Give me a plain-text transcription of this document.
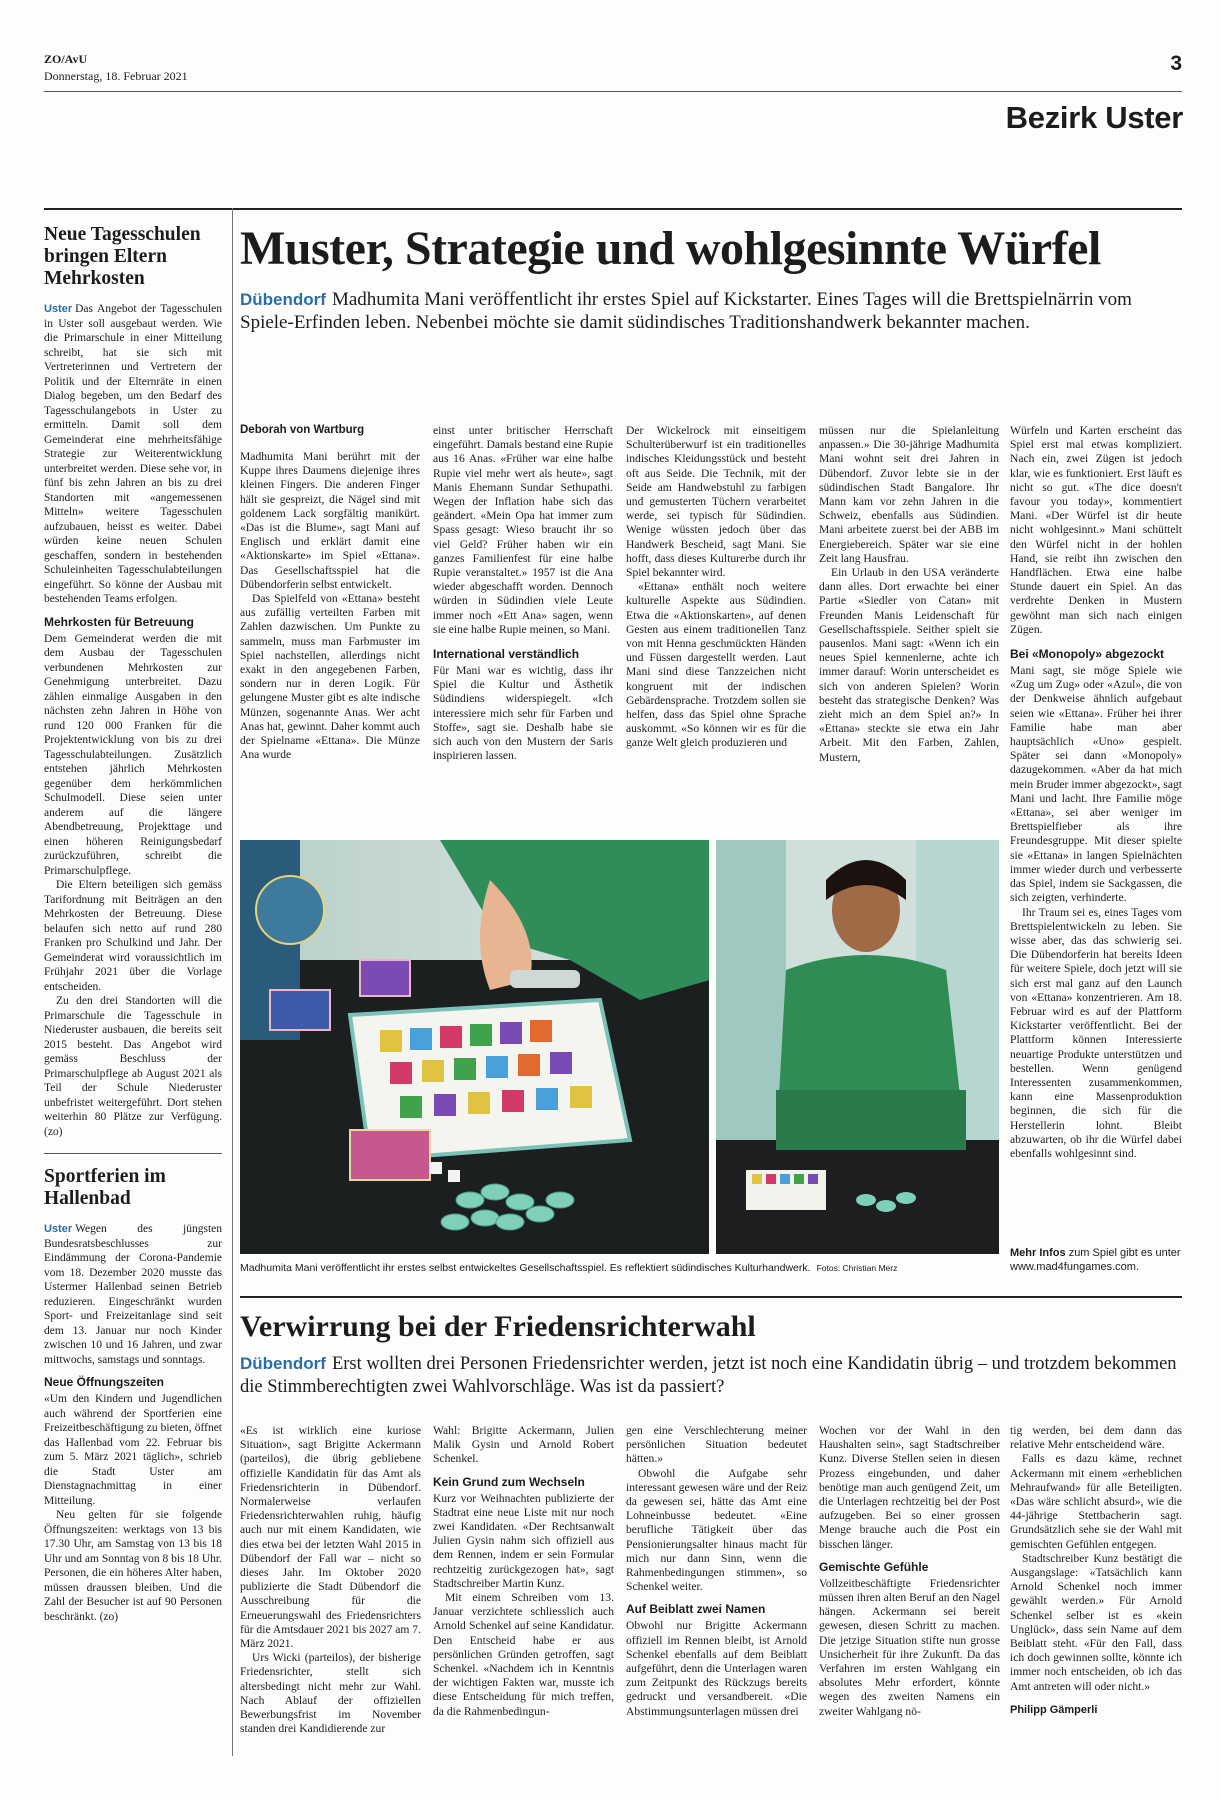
ZO/AvU
Donnerstag, 18. Februar 2021
3
Bezirk Uster
Neue Tagesschulen bringen Eltern Mehrkosten

Uster Das Angebot der Tagesschulen in Uster soll ausgebaut werden. Wie die Primarschule in einer Mitteilung schreibt, hat sie sich mit Vertreterinnen und Vertretern der Politik und der Elternräte in einen Dialog begeben, um den Bedarf des Tagesschulangebots in Uster zu ermitteln. Damit soll dem Gemeinderat eine mehrheitsfähige Strategie zur Weiterentwicklung unterbreitet werden. Diese sehe vor, in fünf bis zehn Jahren an bis zu drei Standorten mit «angemessenen Mitteln» weitere Tagesschulen aufzubauen, heisst es weiter. Dabei würden keine neuen Schulen geschaffen, sondern in bestehenden Schuleinheiten Tagesschulabteilungen eingeführt. So könne der Ausbau mit bestehenden Teams erfolgen.

Mehrkosten für Betreuung

Dem Gemeinderat werden die mit dem Ausbau der Tagesschulen verbundenen Mehrkosten zur Genehmigung unterbreitet. Dazu zählen einmalige Ausgaben in den nächsten zehn Jahren in Höhe von rund 120 000 Franken für die Projektentwicklung von bis zu drei Tagesschulabteilungen. Zusätzlich entstehen jährlich Mehrkosten gegenüber dem herkömmlichen Schulmodell. Diese seien unter anderem auf die längere Abendbetreuung, Projekttage und einen höheren Reinigungsbedarf zurückzuführen, schreibt die Primarschulpflege.

Die Eltern beteiligen sich gemäss Tarifordnung mit Beiträgen an den Mehrkosten der Betreuung. Diese belaufen sich netto auf rund 280 Franken pro Schulkind und Jahr. Der Gemeinderat wird voraussichtlich im Frühjahr 2021 über die Vorlage entscheiden.

Zu den drei Standorten will die Primarschule die Tagesschule in Niederuster ausbauen, die bereits seit 2015 besteht. Das Angebot wird gemäss Beschluss der Primarschulpflege ab August 2021 als Teil der Schule Niederuster unbefristet weitergeführt. Dort stehen weiterhin 80 Plätze zur Verfügung. (zo)

Sportferien im Hallenbad

Uster Wegen des jüngsten Bundesratsbeschlusses zur Eindämmung der Corona-Pandemie vom 18. Dezember 2020 musste das Ustermer Hallenbad seinen Betrieb reduzieren. Eingeschränkt wurden Sport- und Freizeitanlage sind seit dem 13. Januar nur noch Kinder zwischen 10 und 16 Jahren, und zwar mittwochs, samstags und sonntags.

Neue Öffnungszeiten

«Um den Kindern und Jugendlichen auch während der Sportferien eine Freizeitbeschäftigung zu bieten, öffnet das Hallenbad vom 22. Februar bis zum 5. März 2021 täglich», schrieb die Stadt Uster am Dienstagnachmittag in einer Mitteilung.

Neu gelten für sie folgende Öffnungszeiten: werktags von 13 bis 17.30 Uhr, am Samstag von 13 bis 18 Uhr und am Sonntag von 8 bis 18 Uhr. Personen, die ein höheres Alter haben, müssen draussen bleiben. Und die Zahl der Besucher ist auf 90 Personen beschränkt. (zo)

Muster, Strategie und wohlgesinnte Würfel

Dübendorf Madhumita Mani veröffentlicht ihr erstes Spiel auf Kickstarter. Eines Tages will die Brettspielnärrin vom Spiele-Erfinden leben. Nebenbei möchte sie damit südindisches Traditionshandwerk bekannter machen.

Deborah von Wartburg

Madhumita Mani berührt mit der Kuppe ihres Daumens diejenige ihres kleinen Fingers. Die anderen Finger hält sie gespreizt, die Nägel sind mit goldenem Lack sorgfältig manikürt. «Das ist die Blume», sagt Mani auf Englisch und erklärt damit eine «Aktionskarte» im Spiel «Ettana». Das Gesellschaftsspiel hat die Dübendorferin selbst entwickelt.

Das Spielfeld von «Ettana» besteht aus zufällig verteilten Farben mit Zahlen dazwischen. Um Punkte zu sammeln, muss man Farbmuster im Spiel nachstellen, allerdings nicht exakt in den angegebenen Farben, sondern nur in deren Logik. Für gelungene Muster gibt es alte indische Münzen, sogenannte Anas. Wer acht Anas hat, gewinnt. Daher kommt auch der Spielname «Ettana». Die Münze Ana wurde

einst unter britischer Herrschaft eingeführt. Damals bestand eine Rupie aus 16 Anas. «Früher war eine halbe Rupie viel mehr wert als heute», sagt Manis Ehemann Sundar Sethupathi. Wegen der Inflation habe sich das geändert. «Mein Opa hat immer zum Spass gesagt: Wieso braucht ihr so viel Geld? Früher haben wir ein ganzes Familienfest für eine halbe Rupie veranstaltet.» 1957 ist die Ana wieder abgeschafft worden. Dennoch würden in Südindien viele Leute immer noch «Ett Ana» sagen, wenn sie eine halbe Rupie meinen, so Mani.

International verständlich

Für Mani war es wichtig, dass ihr Spiel die Kultur und Ästhetik Südindiens widerspiegelt. «Ich interessiere mich sehr für Farben und Stoffe», sagt sie. Deshalb habe sie sich auch von den Mustern der Saris inspirieren lassen.

Der Wickelrock mit einseitigem Schulterüberwurf ist ein traditionelles indisches Kleidungsstück und besteht oft aus Seide. Die Technik, mit der Seide am Handwebstuhl zu farbigen und gemusterten Tüchern verarbeitet werde, sei typisch für Südindien. Wenige wüssten jedoch über das Handwerk Bescheid, sagt Mani. Sie hofft, dass dieses Kulturerbe durch ihr Spiel bekannter wird.

«Ettana» enthält noch weitere kulturelle Aspekte aus Südindien. Etwa die «Aktionskarten», auf denen Gesten aus einem traditionellen Tanz von mit Henna geschmückten Händen und Füssen dargestellt werden. Laut Mani sind diese Tanzzeichen nicht kongruent mit der indischen Gebärdensprache. Trotzdem sollen sie helfen, dass das Spiel ohne Sprache auskommt. «So können wir es für die ganze Welt gleich produzieren und

müssen nur die Spielanleitung anpassen.» Die 30-jährige Madhumita Mani wohnt seit drei Jahren in Dübendorf. Zuvor lebte sie in der südindischen Stadt Bangalore. Ihr Mann kam vor zehn Jahren in die Schweiz, ebenfalls aus Südindien. Mani arbeitete zuerst bei der ABB im Energiebereich. Später war sie eine Zeit lang Hausfrau.

Ein Urlaub in den USA veränderte dann alles. Dort erwachte bei einer Partie «Siedler von Catan» mit Freunden Manis Leidenschaft für Gesellschaftsspiele. Seither spielt sie pausenlos. Mani sagt: «Wenn ich ein neues Spiel kennenlerne, achte ich immer darauf: Worin unterscheidet es sich von anderen Spielen? Worin besteht das strategische Denken? Was zieht mich an dem Spiel an?» In «Ettana» steckte sie etwa ein Jahr Arbeit. Mit den Farben, Zahlen, Mustern,

Würfeln und Karten erscheint das Spiel erst mal etwas kompliziert. Nach ein, zwei Zügen ist jedoch klar, wie es funktioniert. Erst läuft es nicht so gut. «The dice doesn't favour you today», kommentiert Mani. «Der Würfel ist dir heute nicht wohlgesinnt.» Mani schüttelt den Würfel nicht in der hohlen Hand, sie reibt ihn zwischen den Handflächen. Etwa eine halbe Stunde dauert ein Spiel. An das verdrehte Denken in Mustern gewöhnt man sich nach einigen Zügen.

Bei «Monopoly» abgezockt

Mani sagt, sie möge Spiele wie «Zug um Zug» oder «Azul», die von der Denkweise ähnlich aufgebaut seien wie «Ettana». Früher hei ihrer Familie habe man aber hauptsächlich «Uno» gespielt. Später sei dann «Monopoly» dazugekommen. «Aber da hat mich mein Bruder immer abgezockt», sagt Mani und lacht. Ihre Familie möge «Ettana», sei aber weniger im Brettspielfieber als ihre Freundesgruppe. Mit dieser spielte sie «Ettana» in langen Spielnächten immer wieder durch und verbesserte das Spiel, indem sie Sackgassen, die sich zeigten, verhinderte.

Ihr Traum sei es, eines Tages vom Brettspielentwickeln zu leben. Sie wisse aber, das das schwierig sei. Die Dübendorferin hat bereits Ideen für weitere Spiele, doch jetzt will sie sich erst mal ganz auf den Launch von «Ettana» konzentrieren. Am 18. Februar wird es auf der Plattform Kickstarter veröffentlicht. Bei der Plattform können Interessierte neuartige Produkte unterstützen und bestellen. Wenn genügend Interessenten zusammenkommen, kann eine Massenproduktion beginnen, die sich für die Herstellerin lohnt. Bleibt abzuwarten, ob ihr die Würfel dabei ebenfalls wohlgesinnt sind.

Madhumita Mani veröffentlicht ihr erstes selbst entwickeltes Gesellschaftsspiel. Es reflektiert südindisches Kulturhandwerk. Fotos: Christian Merz
Mehr Infos zum Spiel gibt es unter www.mad4fungames.com.
Verwirrung bei der Friedensrichterwahl

Dübendorf Erst wollten drei Personen Friedensrichter werden, jetzt ist noch eine Kandidatin übrig – und trotzdem bekommen die Stimmberechtigten zwei Wahlvorschläge. Was ist da passiert?

«Es ist wirklich eine kuriose Situation», sagt Brigitte Ackermann (parteilos), die übrig gebliebene offizielle Kandidatin für das Amt als Friedensrichterin in Dübendorf. Normalerweise verlaufen Friedensrichterwahlen ruhig, häufig auch nur mit einem Kandidaten, wie dies etwa bei der letzten Wahl 2015 in Dübendorf der Fall war – nicht so dieses Jahr. Im Oktober 2020 publizierte die Stadt Dübendorf die Ausschreibung für die Erneuerungswahl des Friedensrichters für die Amtsdauer 2021 bis 2027 am 7. März 2021.

Urs Wicki (parteilos), der bisherige Friedensrichter, stellt sich altersbedingt nicht mehr zur Wahl. Nach Ablauf der offiziellen Bewerbungsfrist im November standen drei Kandidierende zur

Wahl: Brigitte Ackermann, Julien Malik Gysin und Arnold Robert Schenkel.

Kein Grund zum Wechseln

Kurz vor Weihnachten publizierte der Stadtrat eine neue Liste mit nur noch zwei Kandidaten. «Der Rechtsanwalt Julien Gysin nahm sich offiziell aus dem Rennen, indem er sein Formular rechtzeitig zurückgezogen hat», sagt Stadtschreiber Martin Kunz.

Mit einem Schreiben vom 13. Januar verzichtete schliesslich auch Arnold Schenkel auf seine Kandidatur. Den Entscheid habe er aus persönlichen Gründen getroffen, sagt Schenkel. «Nachdem ich in Kenntnis der wichtigen Fakten war, musste ich diese Entscheidung für mich treffen, da die Rahmenbedingun-

gen eine Verschlechterung meiner persönlichen Situation bedeutet hätten.»

Obwohl die Aufgabe sehr interessant gewesen wäre und der Reiz da gewesen sei, hätte das Amt eine Lohneinbusse bedeutet. «Eine berufliche Tätigkeit über das Pensionierungsalter hinaus macht für mich nur dann Sinn, wenn die Rahmenbedingungen stimmen», so Schenkel weiter.

Auf Beiblatt zwei Namen

Obwohl nur Brigitte Ackermann offiziell im Rennen bleibt, ist Arnold Schenkel ebenfalls auf dem Beiblatt aufgeführt, denn die Unterlagen waren zum Zeitpunkt des Rückzugs bereits gedruckt und versandbereit. «Die Abstimmungsunterlagen müssen drei

Wochen vor der Wahl in den Haushalten sein», sagt Stadtschreiber Kunz. Diverse Stellen seien in diesen Prozess eingebunden, und daher benötige man auch genügend Zeit, um die Unterlagen rechtzeitig bei der Post aufzugeben. Bei so einer grossen Menge brauche auch die Post ein bisschen länger.

Gemischte Gefühle

Vollzeitbeschäftigte Friedensrichter müssen ihren alten Beruf an den Nagel hängen. Ackermann sei bereit gewesen, diesen Schritt zu machen. Die jetzige Situation stifte nun grosse Unsicherheit für ihre Zukunft. Da das Verfahren im ersten Wahlgang ein absolutes Mehr erfordert, könnte wegen des zweiten Namens ein zweiter Wahlgang nö-

tig werden, bei dem dann das relative Mehr entscheidend wäre.

Falls es dazu käme, rechnet Ackermann mit einem «erheblichen Mehraufwand» für alle Beteiligten. «Das wäre schlicht absurd», wie die 44-jährige Stettbacherin sagt. Grundsätzlich sehe sie der Wahl mit gemischten Gefühlen entgegen.

Stadtschreiber Kunz bestätigt die Ausgangslage: «Tatsächlich kann Arnold Schenkel noch immer gewählt werden.» Für Arnold Schenkel selber ist es «kein Unglück», dass sein Name auf dem Beiblatt steht. «Für den Fall, dass ich doch gewinnen sollte, könnte ich immer noch entscheiden, ob ich das Amt antreten will oder nicht.»

Philipp Gämperli
